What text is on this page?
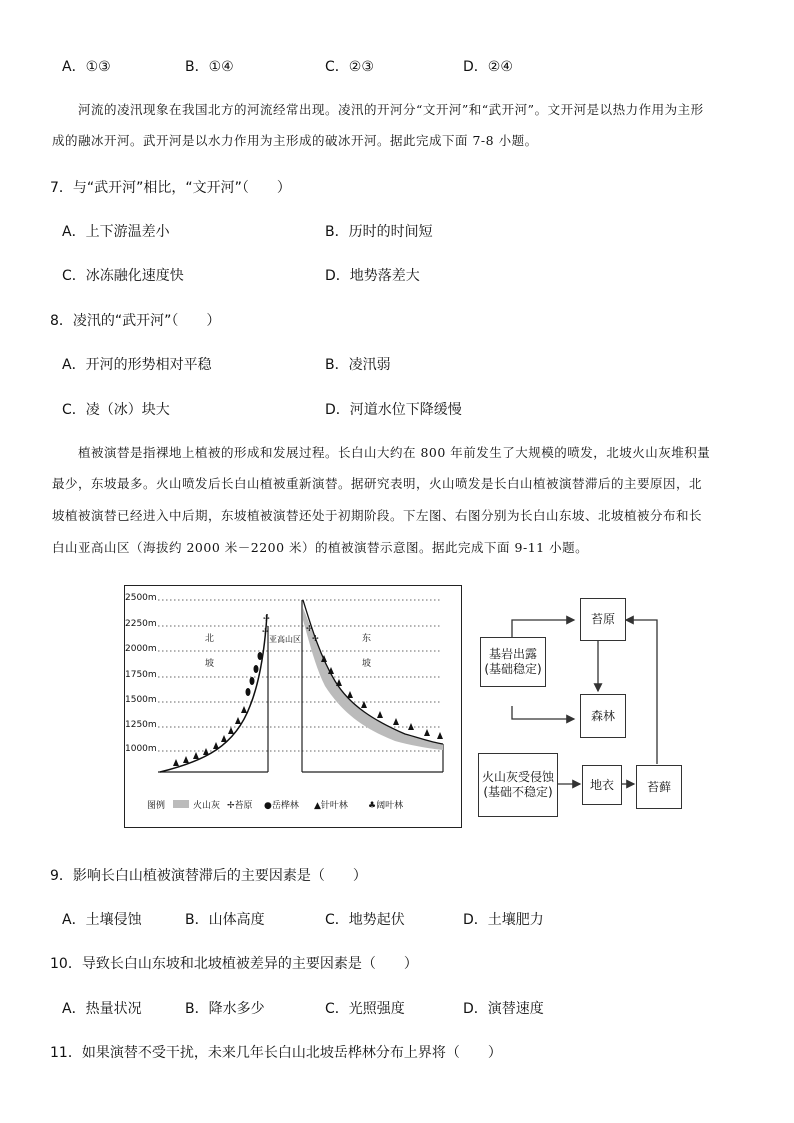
A．①③	B．①④	C．②③	D．②④
河流的凌汛现象在我国北方的河流经常出现。凌汛的开河分“文开河”和“武开河”。文开河是以热力作用为主形
成的融冰开河。武开河是以水力作用为主形成的破冰开河。据此完成下面 7-8 小题。
7．与“武开河”相比，“文开河”（　　）
A．上下游温差小	B．历时的时间短
C．冰冻融化速度快	D．地势落差大
8．凌汛的“武开河”（　　）
A．开河的形势相对平稳	B．凌汛弱
C．凌（冰）块大	D．河道水位下降缓慢
植被演替是指裸地上植被的形成和发展过程。长白山大约在 800 年前发生了大规模的喷发，北坡火山灰堆积量
最少，东坡最多。火山喷发后长白山植被重新演替。据研究表明，火山喷发是长白山植被演替滞后的主要原因，北
坡植被演替已经进入中后期，东坡植被演替还处于初期阶段。下左图、右图分别为长白山东坡、北坡植被分布和长
白山亚高山区（海拔约 2000 米－2200 米）的植被演替示意图。据此完成下面 9-11 小题。
✢
✢
✢
✢
2500m
2250m
2000m
1750m
1500m
1250m
1000m
北
坡
东
坡
亚高山区
图例	火山灰 ✢苔原 ●岳桦林 ▲针叶林 ♣阔叶林
苔原
基岩出露
(基础稳定)
森林
火山灰受侵蚀
(基础不稳定)
地衣	苔藓
9．影响长白山植被演替滞后的主要因素是（　　）
A．土壤侵蚀	B．山体高度	C．地势起伏	D．土壤肥力
10．导致长白山东坡和北坡植被差异的主要因素是（　　）
A．热量状况	B．降水多少	C．光照强度	D．演替速度
11．如果演替不受干扰，未来几年长白山北坡岳桦林分布上界将（　　）
